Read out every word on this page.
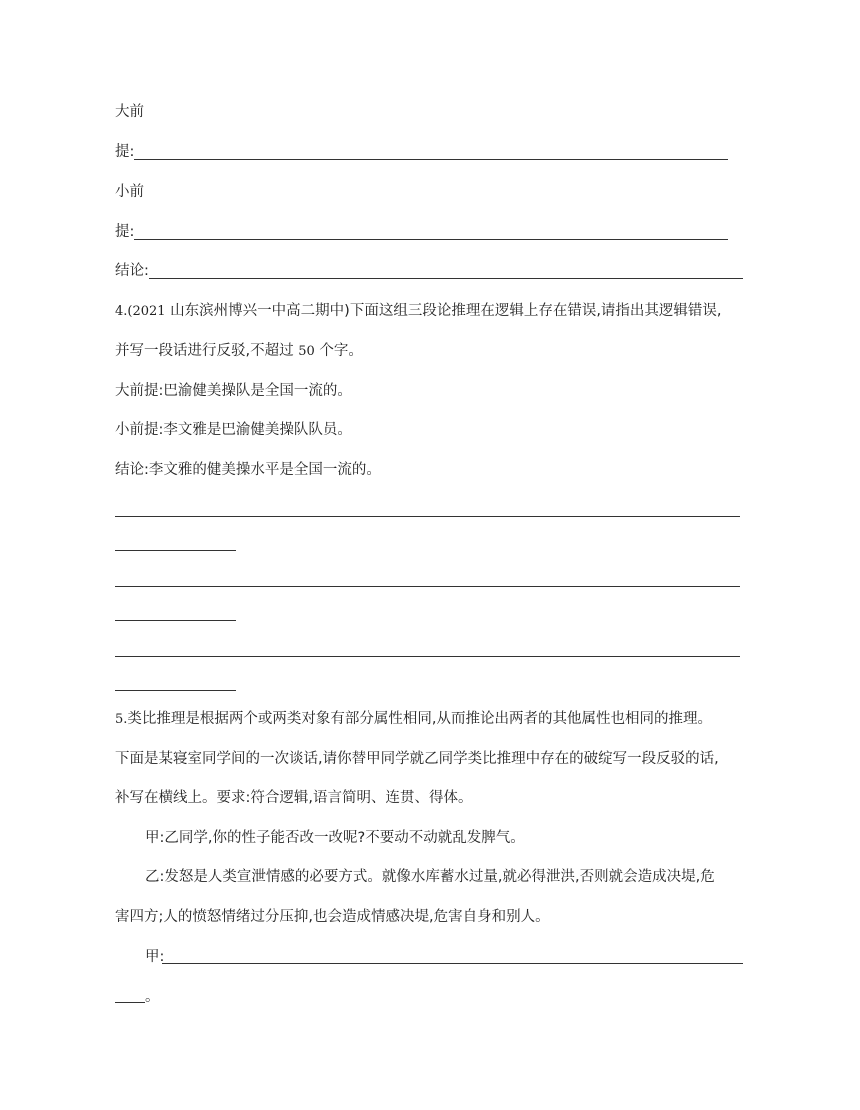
大前
提:
小前
提:
结论:
4.(2021 山东滨州博兴一中高二期中)下面这组三段论推理在逻辑上存在错误,请指出其逻辑错误,
并写一段话进行反驳,不超过 50 个字。
大前提:巴渝健美操队是全国一流的。
小前提:李文雅是巴渝健美操队队员。
结论:李文雅的健美操水平是全国一流的。
5.类比推理是根据两个或两类对象有部分属性相同,从而推论出两者的其他属性也相同的推理。
下面是某寝室同学间的一次谈话,请你替甲同学就乙同学类比推理中存在的破绽写一段反驳的话,
补写在横线上。要求:符合逻辑,语言简明、连贯、得体。
甲:乙同学,你的性子能否改一改呢?不要动不动就乱发脾气。
乙:发怒是人类宣泄情感的必要方式。就像水库蓄水过量,就必得泄洪,否则就会造成决堤,危
害四方;人的愤怒情绪过分压抑,也会造成情感决堤,危害自身和别人。
甲:
。
